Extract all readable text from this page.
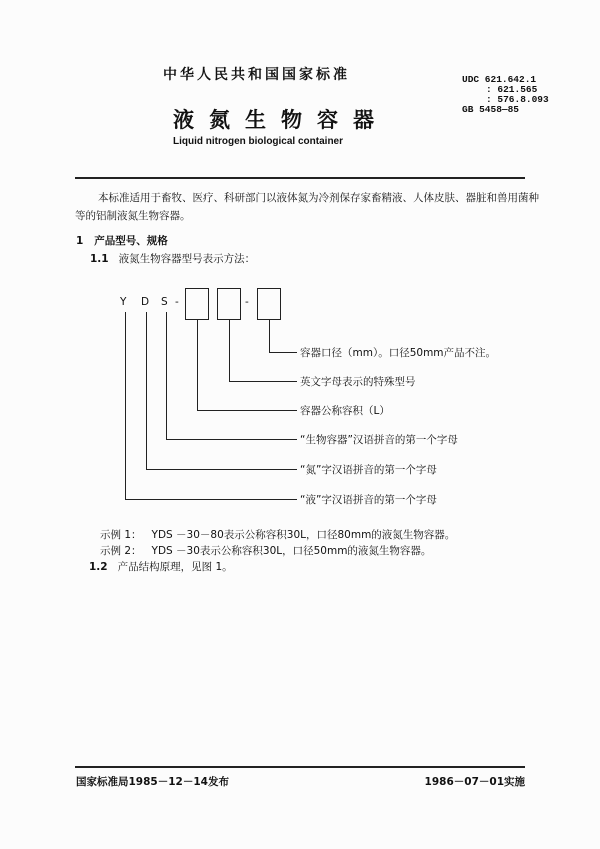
中华人民共和国国家标准
液氮生物容器
Liquid nitrogen biological container
UDC 621.642.1
: 621.565
: 576.8.093
GB 5458—85
本标准适用于畜牧、医疗、科研部门以液体氮为冷剂保存家畜精液、人体皮肤、器脏和兽用菌种
等的铝制液氮生物容器。
1 产品型号、规格
1.1 液氮生物容器型号表示方法：
Y D S -	-
容器口径（mm）。口径50mm产品不注。
英文字母表示的特殊型号
容器公称容积（L）
“生物容器”汉语拼音的第一个字母
“氮”字汉语拼音的第一个字母
“液”字汉语拼音的第一个字母
示例 1： YDS －30－80表示公称容积30L，口径80mm的液氮生物容器。
示例 2： YDS －30表示公称容积30L，口径50mm的液氮生物容器。
1.2 产品结构原理，见图 1。
国家标准局1985－12－14发布	1986－07－01实施
